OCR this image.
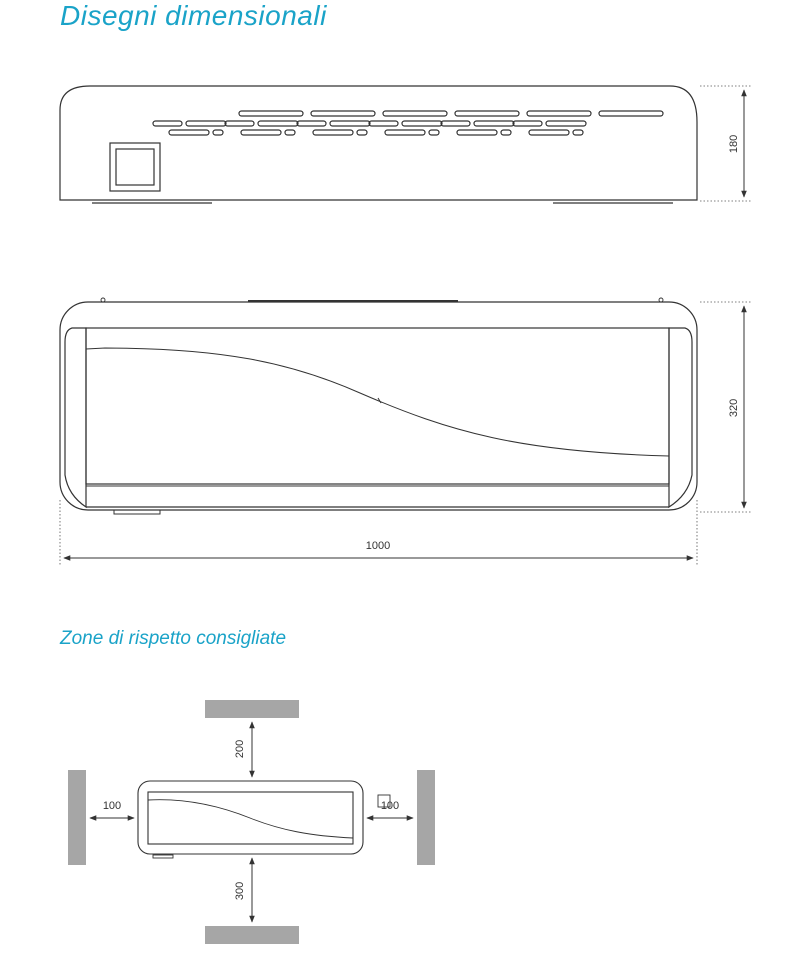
Disegni dimensionali
Zone di rispetto consigliate
180
320
1000
200
300
100	100
